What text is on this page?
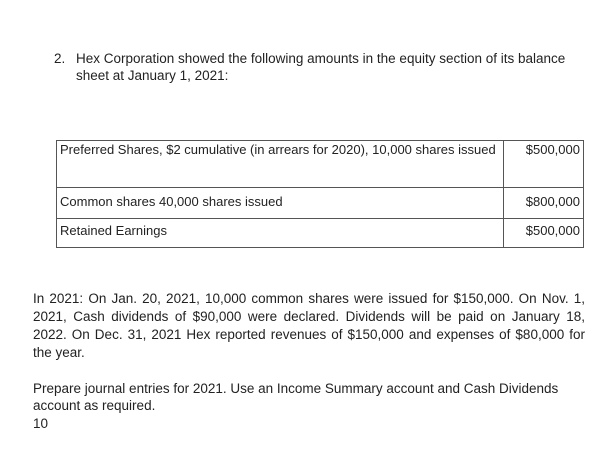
2. Hex Corporation showed the following amounts in the equity section of its balance sheet at January 1, 2021:
Preferred Shares, $2 cumulative (in arrears for 2020), 10,000 shares issued	$500,000
Common shares 40,000 shares issued	$800,000
Retained Earnings	$500,000
In 2021: On Jan. 20, 2021, 10,000 common shares were issued for $150,000. On Nov. 1, 2021, Cash dividends of $90,000 were declared. Dividends will be paid on January 18, 2022. On Dec. 31, 2021 Hex reported revenues of $150,000 and expenses of $80,000 for the year.
Prepare journal entries for 2021. Use an Income Summary account and Cash Dividends account as required.
10
